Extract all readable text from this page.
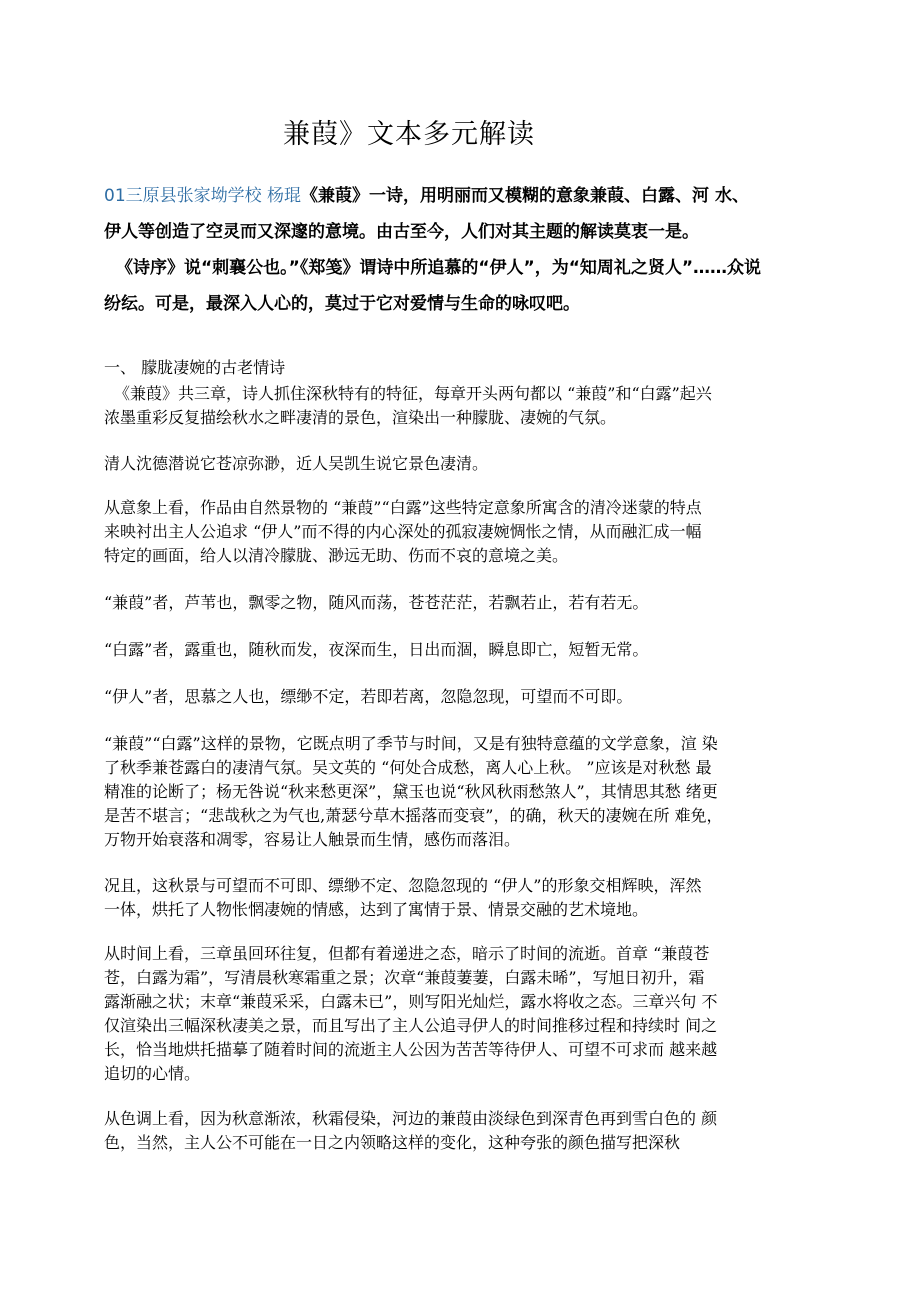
兼葭》文本多元解读
01三原县张家坳学校 杨琨《兼葭》一诗，用明丽而又模糊的意象兼葭、白露、河 水、
伊人等创造了空灵而又深邃的意境。由古至今，人们对其主题的解读莫衷一是。
《诗序》说“刺襄公也。”《郑笺》谓诗中所追慕的“伊人”，为“知周礼之贤人”……众说
纷纭。可是，最深入人心的，莫过于它对爱情与生命的咏叹吧。

一、 朦胧凄婉的古老情诗

《兼葭》共三章，诗人抓住深秋特有的特征，每章开头两句都以 “兼葭”和“白露”起兴
浓墨重彩反复描绘秋水之畔凄清的景色，渲染出一种朦胧、凄婉的气氛。

清人沈德潜说它苍凉弥渺，近人吴凯生说它景色凄清。

从意象上看，作品由自然景物的 “兼葭”“白露”这些特定意象所寓含的清冷迷蒙的特点
来映衬出主人公追求 “伊人”而不得的内心深处的孤寂凄婉惆怅之情，从而融汇成一幅
特定的画面，给人以清冷朦胧、渺远无助、伤而不哀的意境之美。

“兼葭”者，芦苇也，飘零之物，随风而荡，苍苍茫茫，若飘若止，若有若无。

“白露”者，露重也，随秋而发，夜深而生，日出而涸，瞬息即亡，短暂无常。

“伊人”者，思慕之人也，缥缈不定，若即若离，忽隐忽现，可望而不可即。

“兼葭”“白露”这样的景物，它既点明了季节与时间，又是有独特意蕴的文学意象，渲 染
了秋季兼苍露白的凄清气氛。吴文英的 “何处合成愁，离人心上秋。 ”应该是对秋愁 最
精准的论断了；杨无咎说“秋来愁更深”，黛玉也说“秋风秋雨愁煞人”，其情思其愁 绪更
是苦不堪言；“悲哉秋之为气也,萧瑟兮草木摇落而变衰”，的确，秋天的凄婉在所 难免，
万物开始衰落和凋零，容易让人触景而生情，感伤而落泪。

况且，这秋景与可望而不可即、缥缈不定、忽隐忽现的 “伊人”的形象交相辉映，浑然
一体，烘托了人物怅惘凄婉的情感，达到了寓情于景、情景交融的艺术境地。

从时间上看，三章虽回环往复，但都有着递进之态，暗示了时间的流逝。首章 “兼葭苍
苍，白露为霜”，写清晨秋寒霜重之景；次章“兼葭萋萋，白露未晞”，写旭日初升，霜
露渐融之状；末章“兼葭采采，白露未已”，则写阳光灿烂，露水将收之态。三章兴句 不
仅渲染出三幅深秋凄美之景，而且写出了主人公追寻伊人的时间推移过程和持续时 间之
长，恰当地烘托描摹了随着时间的流逝主人公因为苦苦等待伊人、可望不可求而 越来越
追切的心情。

从色调上看，因为秋意渐浓，秋霜侵染，河边的兼葭由淡绿色到深青色再到雪白色的 颜
色，当然，主人公不可能在一日之内领略这样的变化，这种夸张的颜色描写把深秋
